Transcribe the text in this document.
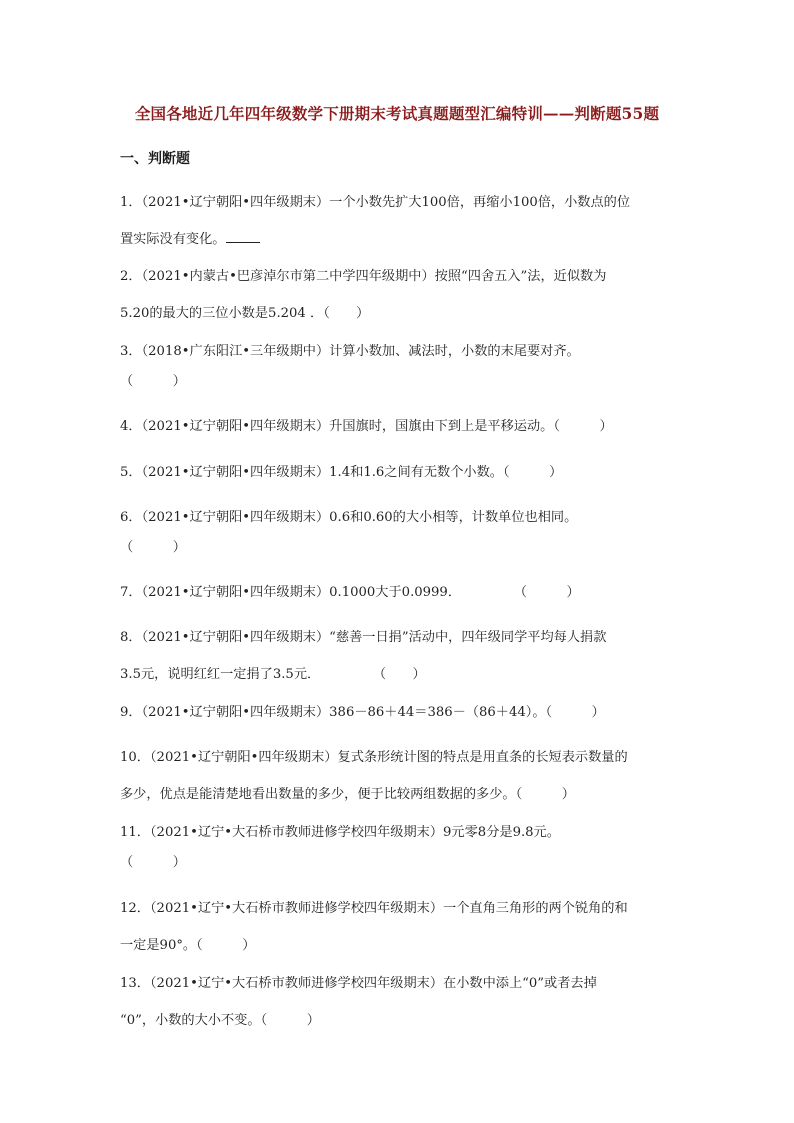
全国各地近几年四年级数学下册期末考试真题题型汇编特训——判断题55题
一、判断题
1．（2021•辽宁朝阳•四年级期末）一个小数先扩大100倍，再缩小100倍，小数点的位
置实际没有变化。
2．（2021•内蒙古•巴彦淖尔市第二中学四年级期中）按照“四舍五入”法，近似数为
5.20的最大的三位小数是5.204 ．（　　）
3．（2018•广东阳江•三年级期中）计算小数加、减法时，小数的末尾要对齐。
（　　　）
4．（2021•辽宁朝阳•四年级期末）升国旗时，国旗由下到上是平移运动。（　　　）
5．（2021•辽宁朝阳•四年级期末）1.4和1.6之间有无数个小数。（　　　）
6．（2021•辽宁朝阳•四年级期末）0.6和0.60的大小相等，计数单位也相同。
（　　　）
7．（2021•辽宁朝阳•四年级期末）0.1000大于0.0999．　　　　　（　　　）
8．（2021•辽宁朝阳•四年级期末）“慈善一日捐”活动中，四年级同学平均每人捐款
3.5元，说明红红一定捐了3.5元．　　　　　（　　）
9．（2021•辽宁朝阳•四年级期末）386－86＋44＝386－（86＋44）。（　　　）
10．（2021•辽宁朝阳•四年级期末）复式条形统计图的特点是用直条的长短表示数量的
多少，优点是能清楚地看出数量的多少，便于比较两组数据的多少。（　　　）
11．（2021•辽宁•大石桥市教师进修学校四年级期末）9元零8分是9.8元。
（　　　）
12．（2021•辽宁•大石桥市教师进修学校四年级期末）一个直角三角形的两个锐角的和
一定是90°。（　　　）
13．（2021•辽宁•大石桥市教师进修学校四年级期末）在小数中添上“0”或者去掉
“0”，小数的大小不变。（　　　）
